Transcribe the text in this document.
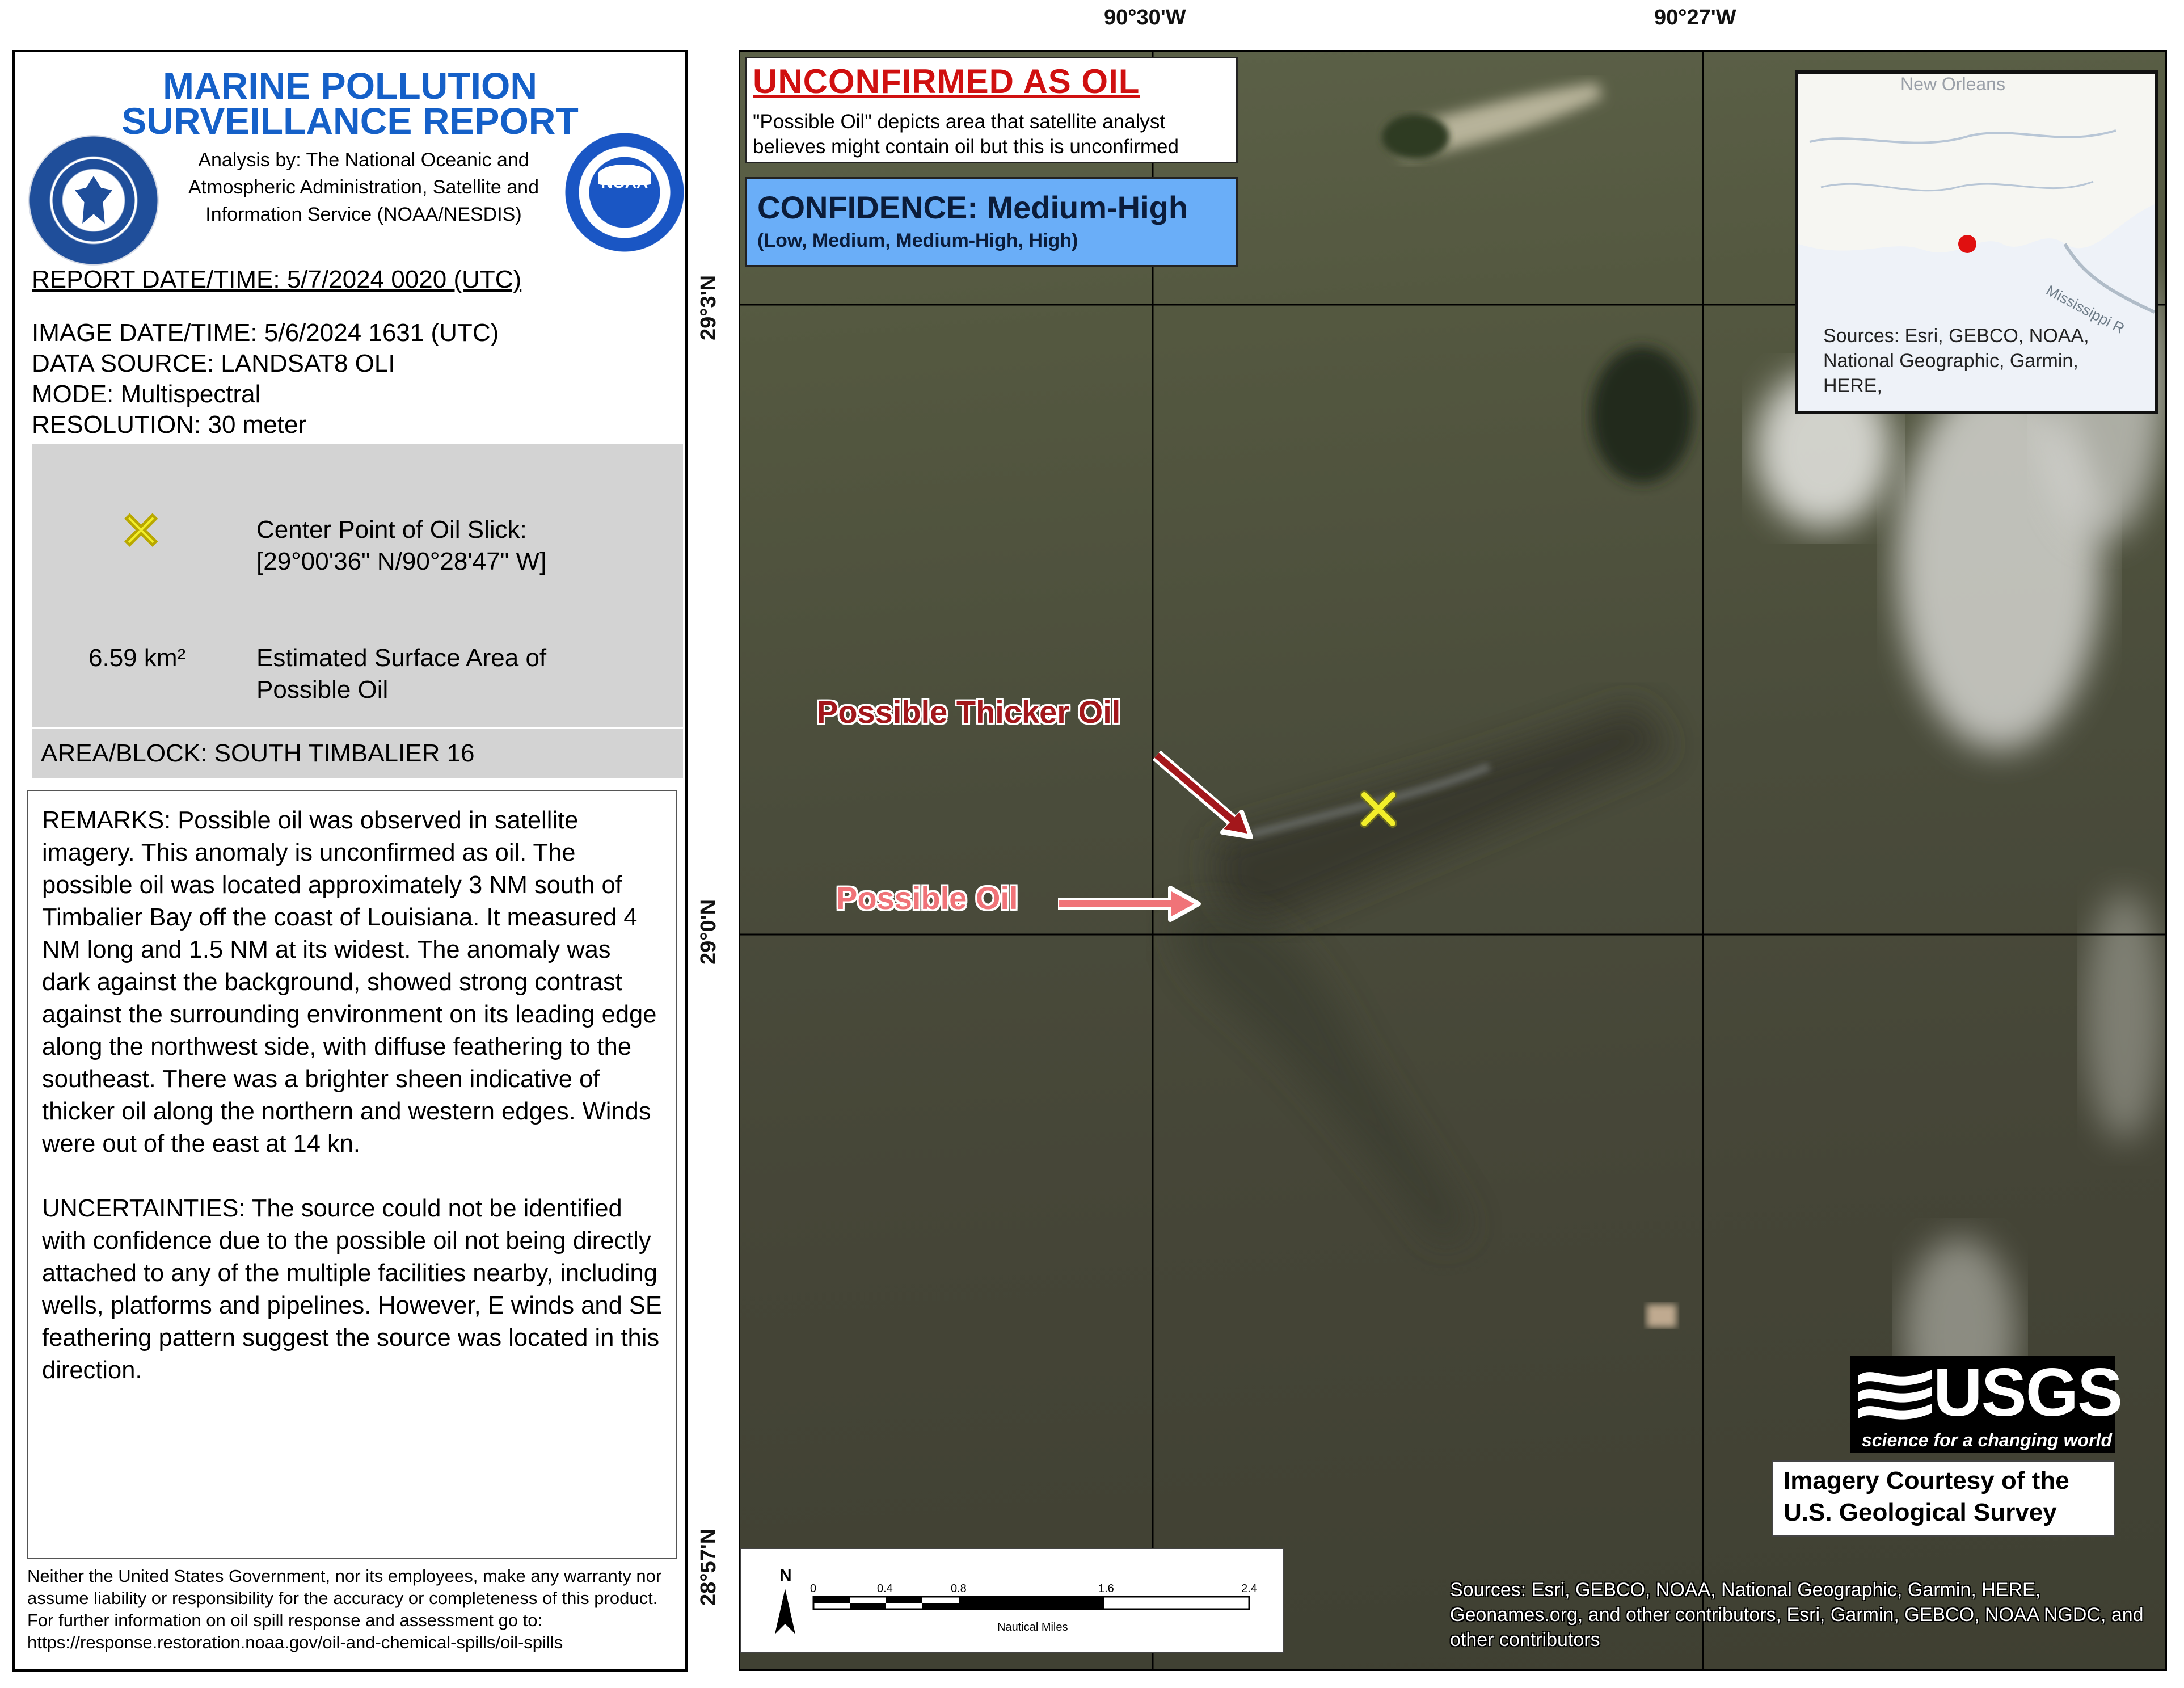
MARINE POLLUTION
SURVEILLANCE REPORT
NOAA
Analysis by: The National Oceanic and
Atmospheric Administration, Satellite and
Information Service (NOAA/NESDIS)
REPORT DATE/TIME: 5/7/2024 0020 (UTC)
IMAGE DATE/TIME: 5/6/2024 1631 (UTC)
DATA SOURCE: LANDSAT8 OLI
MODE: Multispectral
RESOLUTION: 30 meter
✕	Center Point of Oil Slick:
[29°00'36" N/90°28'47" W]
6.59 km²	Estimated Surface Area of
Possible Oil
AREA/BLOCK: SOUTH TIMBALIER 16

REMARKS: Possible oil was observed in satellite imagery. This anomaly is unconfirmed as oil. The possible oil was located approximately 3 NM south of Timbalier Bay off the coast of Louisiana. It measured 4 NM long and 1.5 NM at its widest. The anomaly was dark against the background, showed strong contrast against the surrounding environment on its leading edge along the northwest side, with diffuse feathering to the southeast. There was a brighter sheen indicative of thicker oil along the northern and western edges. Winds were out of the east at 14 kn.

UNCERTAINTIES: The source could not be identified with confidence due to the possible oil not being directly attached to any of the multiple facilities nearby, including wells, platforms and pipelines. However, E winds and SE feathering pattern suggest the source was located in this direction.

Neither the United States Government, nor its employees, make any warranty nor assume liability or responsibility for the accuracy or completeness of this product.
For further information on oil spill response and assessment go to:
https://response.restoration.noaa.gov/oil-and-chemical-spills/oil-spills
90°30'W	90°27'W
29°3'N
29°0'N
28°57'N
UNCONFIRMED AS OIL
"Possible Oil" depicts area that satellite analyst
believes might contain oil but this is unconfirmed
CONFIDENCE: Medium-High
(Low, Medium, Medium-High, High)
Possible Thicker Oil
Possible Oil
New Orleans
Mississippi R
Sources: Esri, GEBCO, NOAA, National Geographic, Garmin, HERE,
USGS
science for a changing world
Imagery Courtesy of the
U.S. Geological Survey
N
0	0.4	0.8	1.6	2.4
Nautical Miles
Sources: Esri, GEBCO, NOAA, National Geographic, Garmin, HERE, Geonames.org, and other contributors, Esri, Garmin, GEBCO, NOAA NGDC, and other contributors
